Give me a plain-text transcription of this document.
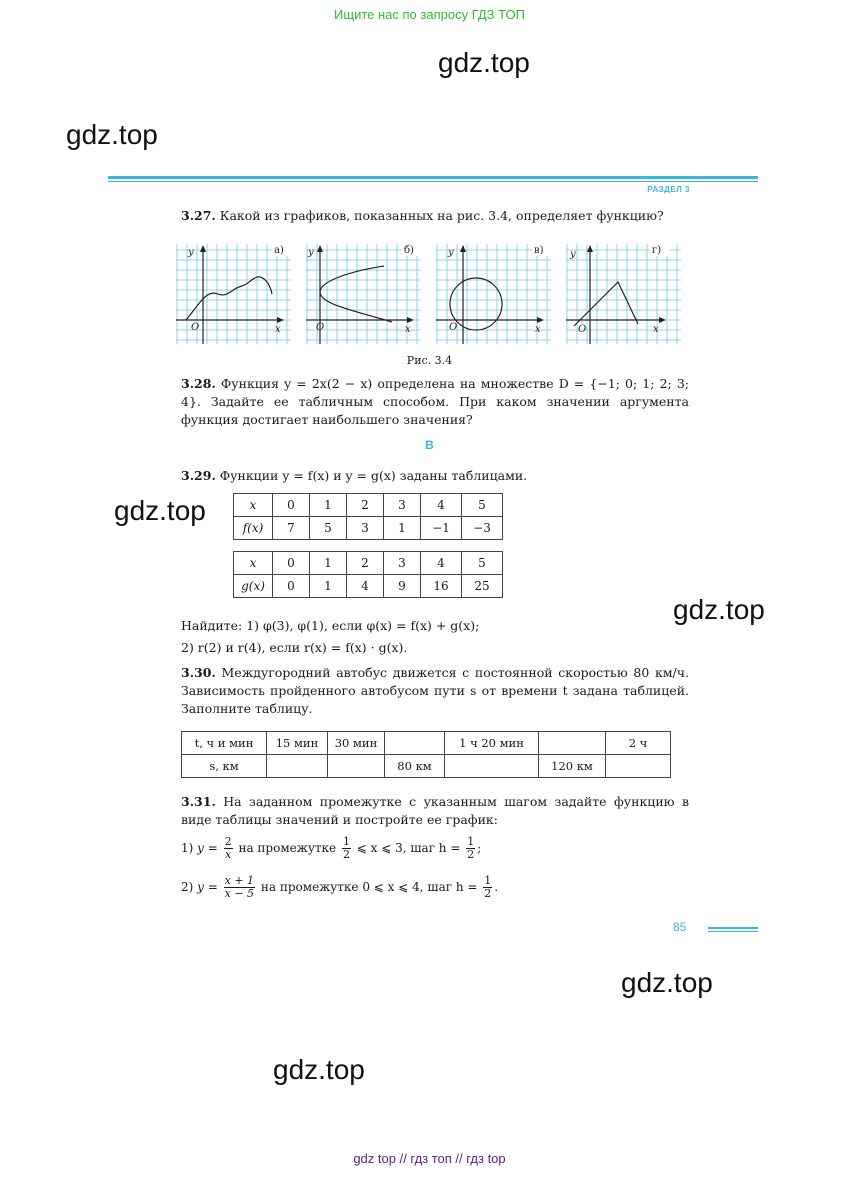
Ищите нас по запросу ГДЗ ТОП
gdz.top
gdz.top
gdz.top
gdz.top
gdz.top
gdz.top
РАЗДЕЛ 3
3.27. Какой из графиков, показанных на рис. 3.4, определяет функцию?
y
x
O
а) y
x
O
б)	y
x
O
в)	y
x
O
г)
Рис. 3.4
3.28. Функция y = 2x(2 − x) определена на множестве D = {−1; 0; 1; 2; 3; 4}. Задайте ее табличным способом. При каком значении аргумента функция достигает наибольшего значения?
В
3.29. Функции y = f(x) и y = g(x) заданы таблицами.
x	0	1	2	3	4	5
f(x)	7	5	3	1	−1	−3
x	0	1	2	3	4	5
g(x)	0	1	4	9	16	25
Найдите: 1) φ(3), φ(1), если φ(x) = f(x) + g(x);
2) r(2) и r(4), если r(x) = f(x) · g(x).
3.30. Междугородний автобус движется с постоянной скоростью 80 км/ч. Зависимость пройденного автобусом пути s от времени t задана таблицей. Заполните таблицу.
t, ч и мин	15 мин	30 мин		1 ч 20 мин		2 ч
s, км			80 км		120 км	
3.31. На заданном промежутке с указанным шагом задайте функцию в виде таблицы значений и постройте ее график:
1) $y = \frac{2}{x}$ на промежутке $\frac{1}{2}$ ⩽ x ⩽ 3, шаг $h = \frac{1}{2}$ ;
2) $y = \frac{x + 1}{x - 5}$ на промежутке 0 ⩽ x ⩽ 4, шаг $h = \frac{1}{2}$ .
85
gdz top // гдз топ // гдз top
